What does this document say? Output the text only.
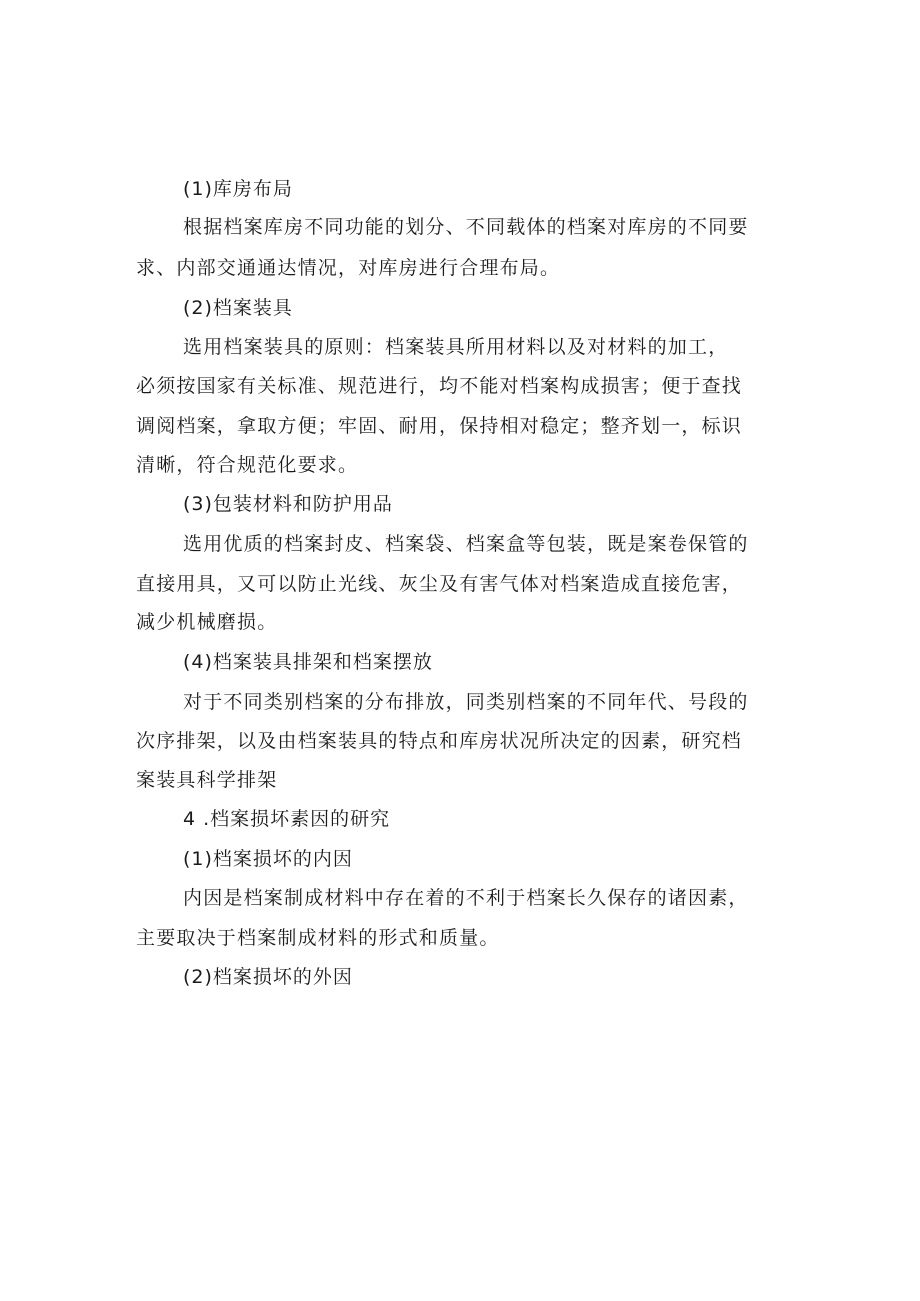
(1)库房布局
根据档案库房不同功能的划分、不同载体的档案对库房的不同要
求、内部交通通达情况，对库房进行合理布局。
(2)档案装具
选用档案装具的原则：档案装具所用材料以及对材料的加工，
必须按国家有关标准、规范进行，均不能对档案构成损害；便于查找
调阅档案，拿取方便；牢固、耐用，保持相对稳定；整齐划一，标识
清晰，符合规范化要求。
(3)包装材料和防护用品
选用优质的档案封皮、档案袋、档案盒等包装，既是案卷保管的
直接用具，又可以防止光线、灰尘及有害气体对档案造成直接危害，
减少机械磨损。
(4)档案装具排架和档案摆放
对于不同类别档案的分布排放，同类别档案的不同年代、号段的
次序排架，以及由档案装具的特点和库房状况所决定的因素，研究档
案装具科学排架
4 .档案损坏素因的研究
(1)档案损坏的内因
内因是档案制成材料中存在着的不利于档案长久保存的诸因素，
主要取决于档案制成材料的形式和质量。
(2)档案损坏的外因
